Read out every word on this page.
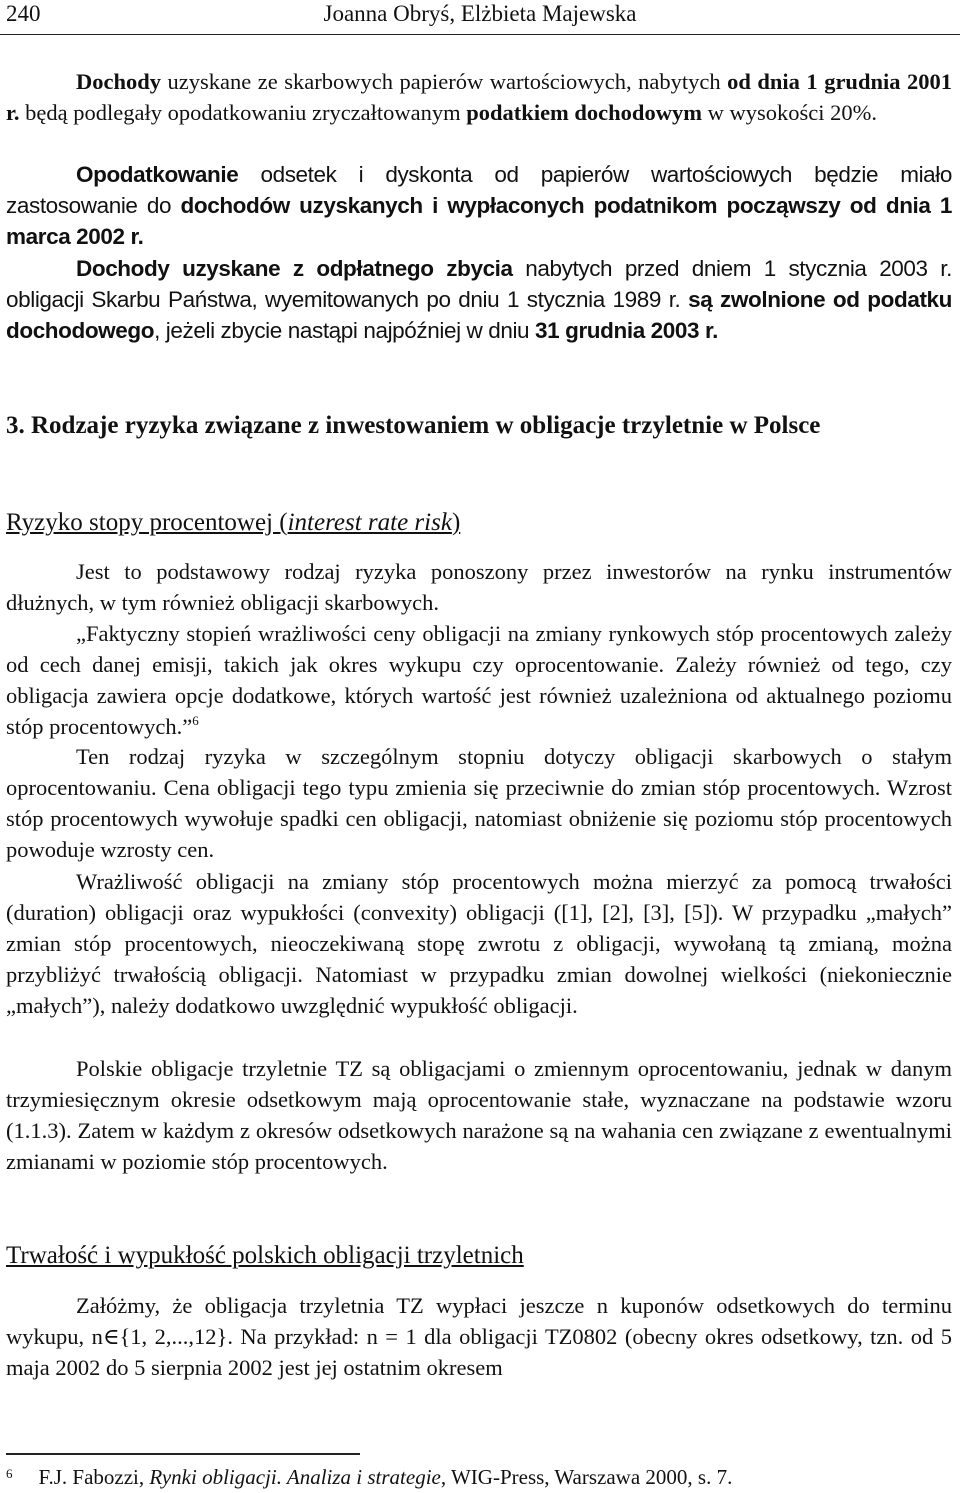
240	Joanna Obryś, Elżbieta Majewska

Dochody uzyskane ze skarbowych papierów wartościowych, nabytych od dnia 1 grudnia 2001 r. będą podlegały opodatkowaniu zryczałtowanym podatkiem dochodowym w wysokości 20%.

Opodatkowanie odsetek i dyskonta od papierów wartościowych będzie miało zastosowanie do dochodów uzyskanych i wypłaconych podatnikom począwszy od dnia 1 marca 2002 r.

Dochody uzyskane z odpłatnego zbycia nabytych przed dniem 1 stycznia 2003 r. obligacji Skarbu Państwa, wyemitowanych po dniu 1 stycznia 1989 r. są zwolnione od podatku dochodowego, jeżeli zbycie nastąpi najpóźniej w dniu 31 grudnia 2003 r.

3. Rodzaje ryzyka związane z inwestowaniem w obligacje trzyletnie w Polsce

Ryzyko stopy procentowej (interest rate risk)

Jest to podstawowy rodzaj ryzyka ponoszony przez inwestorów na rynku instrumentów dłużnych, w tym również obligacji skarbowych.

„Faktyczny stopień wrażliwości ceny obligacji na zmiany rynkowych stóp procentowych zależy od cech danej emisji, takich jak okres wykupu czy oprocentowanie. Zależy również od tego, czy obligacja zawiera opcje dodatkowe, których wartość jest również uzależniona od aktualnego poziomu stóp procentowych.”$^6$

Ten rodzaj ryzyka w szczególnym stopniu dotyczy obligacji skarbowych o stałym oprocentowaniu. Cena obligacji tego typu zmienia się przeciwnie do zmian stóp procentowych. Wzrost stóp procentowych wywołuje spadki cen obligacji, natomiast obniżenie się poziomu stóp procentowych powoduje wzrosty cen.

Wrażliwość obligacji na zmiany stóp procentowych można mierzyć za pomocą trwałości (duration) obligacji oraz wypukłości (convexity) obligacji ([1], [2], [3], [5]). W przypadku „małych” zmian stóp procentowych, nieoczekiwaną stopę zwrotu z obligacji, wywołaną tą zmianą, można przybliżyć trwałością obligacji. Natomiast w przypadku zmian dowolnej wielkości (niekoniecznie „małych”), należy dodatkowo uwzględnić wypukłość obligacji.

Polskie obligacje trzyletnie TZ są obligacjami o zmiennym oprocentowaniu, jednak w danym trzymiesięcznym okresie odsetkowym mają oprocentowanie stałe, wyznaczane na podstawie wzoru (1.1.3). Zatem w każdym z okresów odsetkowych narażone są na wahania cen związane z ewentualnymi zmianami w poziomie stóp procentowych.

Trwałość i wypukłość polskich obligacji trzyletnich

Załóżmy, że obligacja trzyletnia TZ wypłaci jeszcze n kuponów odsetkowych do terminu wykupu, n∈{1, 2,...,12}. Na przykład: n = 1 dla obligacji TZ0802 (obecny okres odsetkowy, tzn. od 5 maja 2002 do 5 sierpnia 2002 jest jej ostatnim okresem

$^6$ F.J. Fabozzi, Rynki obligacji. Analiza i strategie, WIG-Press, Warszawa 2000, s. 7.
